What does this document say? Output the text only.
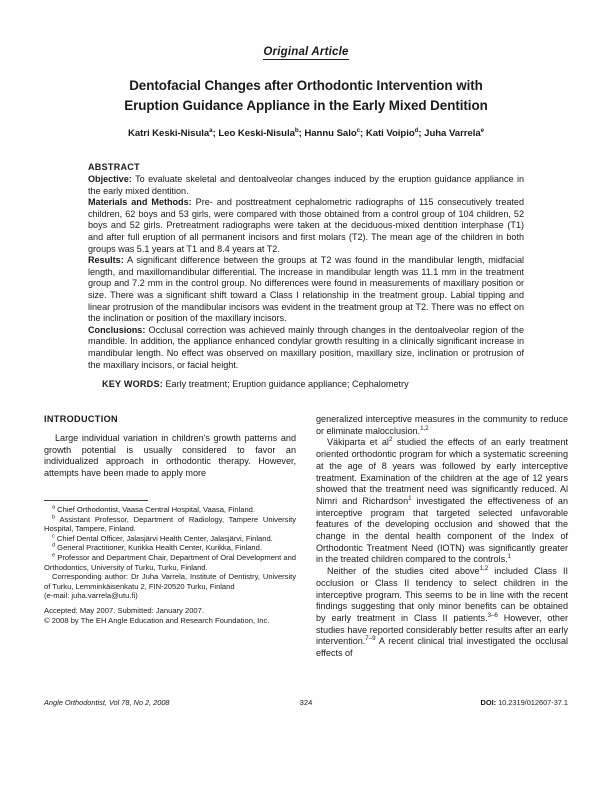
Original Article
Dentofacial Changes after Orthodontic Intervention with
Eruption Guidance Appliance in the Early Mixed Dentition
Katri Keski-Nisula$^a$; Leo Keski-Nisula$^b$; Hannu Salo$^c$; Kati Voipio$^d$; Juha Varrela$^e$
ABSTRACT

Objective: To evaluate skeletal and dentoalveolar changes induced by the eruption guidance appliance in the early mixed dentition.

Materials and Methods: Pre- and posttreatment cephalometric radiographs of 115 consecutively treated children, 62 boys and 53 girls, were compared with those obtained from a control group of 104 children, 52 boys and 52 girls. Pretreatment radiographs were taken at the deciduous-mixed dentition interphase (T1) and after full eruption of all permanent incisors and first molars (T2). The mean age of the children in both groups was 5.1 years at T1 and 8.4 years at T2.

Results: A significant difference between the groups at T2 was found in the mandibular length, midfacial length, and maxillomandibular differential. The increase in mandibular length was 11.1 mm in the treatment group and 7.2 mm in the control group. No differences were found in measurements of maxillary position or size. There was a significant shift toward a Class I relationship in the treatment group. Labial tipping and linear protrusion of the mandibular incisors was evident in the treatment group at T2. There was no effect on the inclination or position of the maxillary incisors.

Conclusions: Occlusal correction was achieved mainly through changes in the dentoalveolar region of the mandible. In addition, the appliance enhanced condylar growth resulting in a clinically significant increase in mandibular length. No effect was observed on maxillary position, maxillary size, inclination or protrusion of the maxillary incisors, or facial height.

KEY WORDS: Early treatment; Eruption guidance appliance; Cephalometry
INTRODUCTION

Large individual variation in children's growth patterns and growth potential is usually considered to favor an individualized approach in orthodontic therapy. However, attempts have been made to apply more

$^a$ Chief Orthodontist, Vaasa Central Hospital, Vaasa, Finland.

$^b$ Assistant Professor, Department of Radiology, Tampere University Hospital, Tampere, Finland.

$^c$ Chief Dental Officer, Jalasjärvi Health Center, Jalasjärvi, Finland.

$^d$ General Practitioner, Kurikka Health Center, Kurikka, Finland.

$^e$ Professor and Department Chair, Department of Oral Development and Orthodontics, University of Turku, Turku, Finland.

Corresponding author: Dr Juha Varrela, Institute of Dentistry, University of Turku, Lemminkäisenkatu 2, FIN-20520 Turku, Finland

(e-mail: juha.varrela@utu.fi)

Accepted: May 2007. Submitted: January 2007.

© 2008 by The EH Angle Education and Research Foundation, Inc.

generalized interceptive measures in the community to reduce or eliminate malocclusion.$^{1,2}$

Väkiparta et $al^2$ studied the effects of an early treatment oriented orthodontic program for which a systematic screening at the age of 8 years was followed by early interceptive treatment. Examination of the children at the age of 12 years showed that the treatment need was significantly reduced. Al Nimri and Richardson$^1$ investigated the effectiveness of an interceptive program that targeted selected unfavorable features of the developing occlusion and showed that the change in the dental health component of the Index of Orthodontic Treatment Need (IOTN) was significantly greater in the treated children compared to the controls.$^1$

Neither of the studies cited above$^{1,2}$ included Class II occlusion or Class II tendency to select children in the interceptive program. This seems to be in line with the recent findings suggesting that only minor benefits can be obtained by early treatment in Class II patients.$^{3-6}$ However, other studies have reported considerably better results after an early intervention.$^{7-9}$ A recent clinical trial investigated the occlusal effects of

Angle Orthodontist, Vol 78, No 2, 2008	324	DOI: 10.2319/012607-37.1
